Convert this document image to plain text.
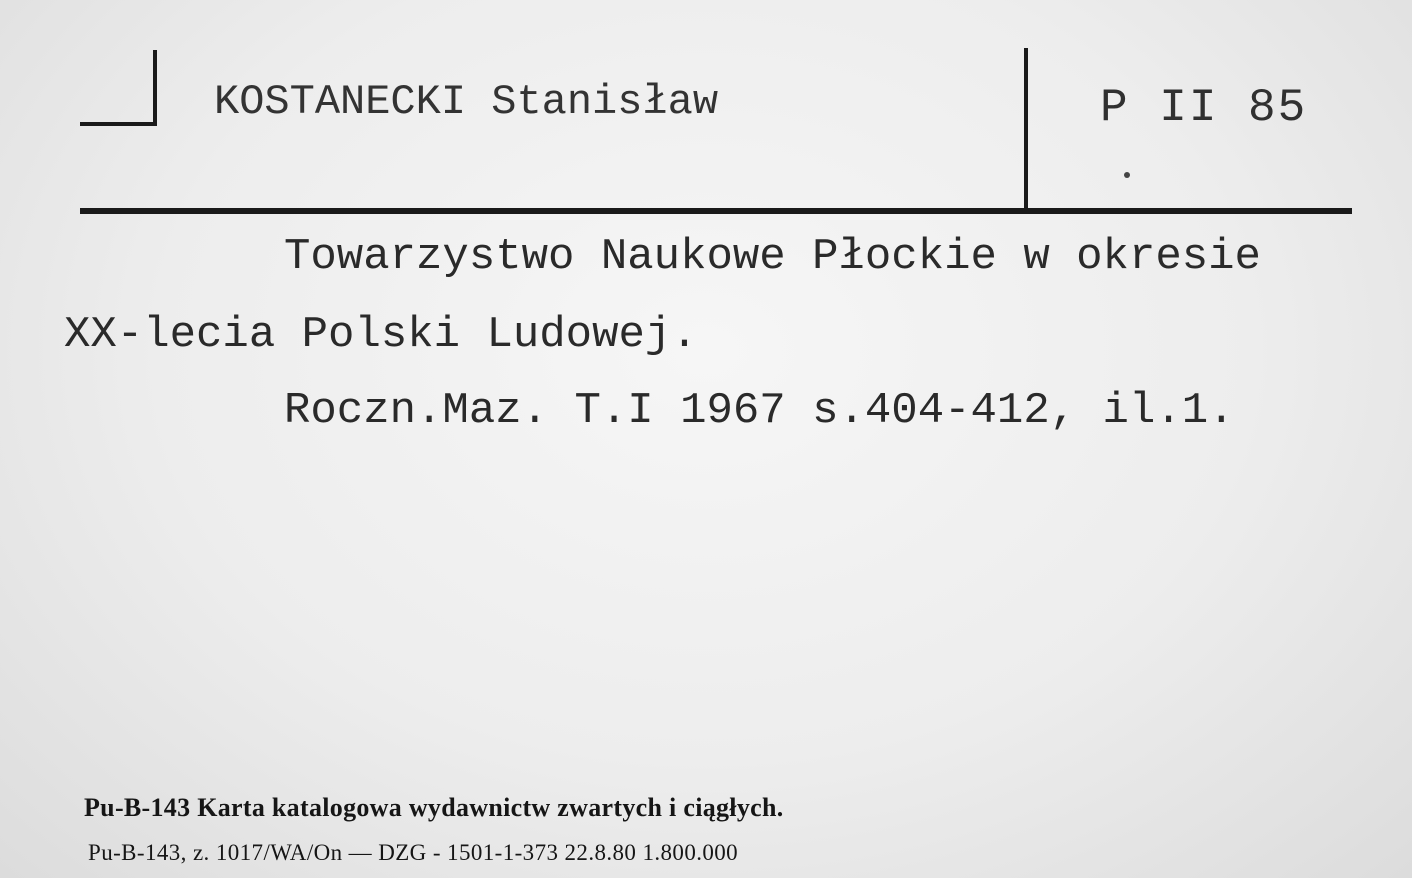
KOSTANECKI Stanisław	P II 85
Towarzystwo Naukowe Płockie w okresie
XX-lecia Polski Ludowej.
Roczn.Maz. T.I 1967 s.404-412, il.1.
Pu-B-143 Karta katalogowa wydawnictw zwartych i ciągłych.
Pu-B-143, z. 1017/WA/On — DZG - 1501-1-373 22.8.80 1.800.000
